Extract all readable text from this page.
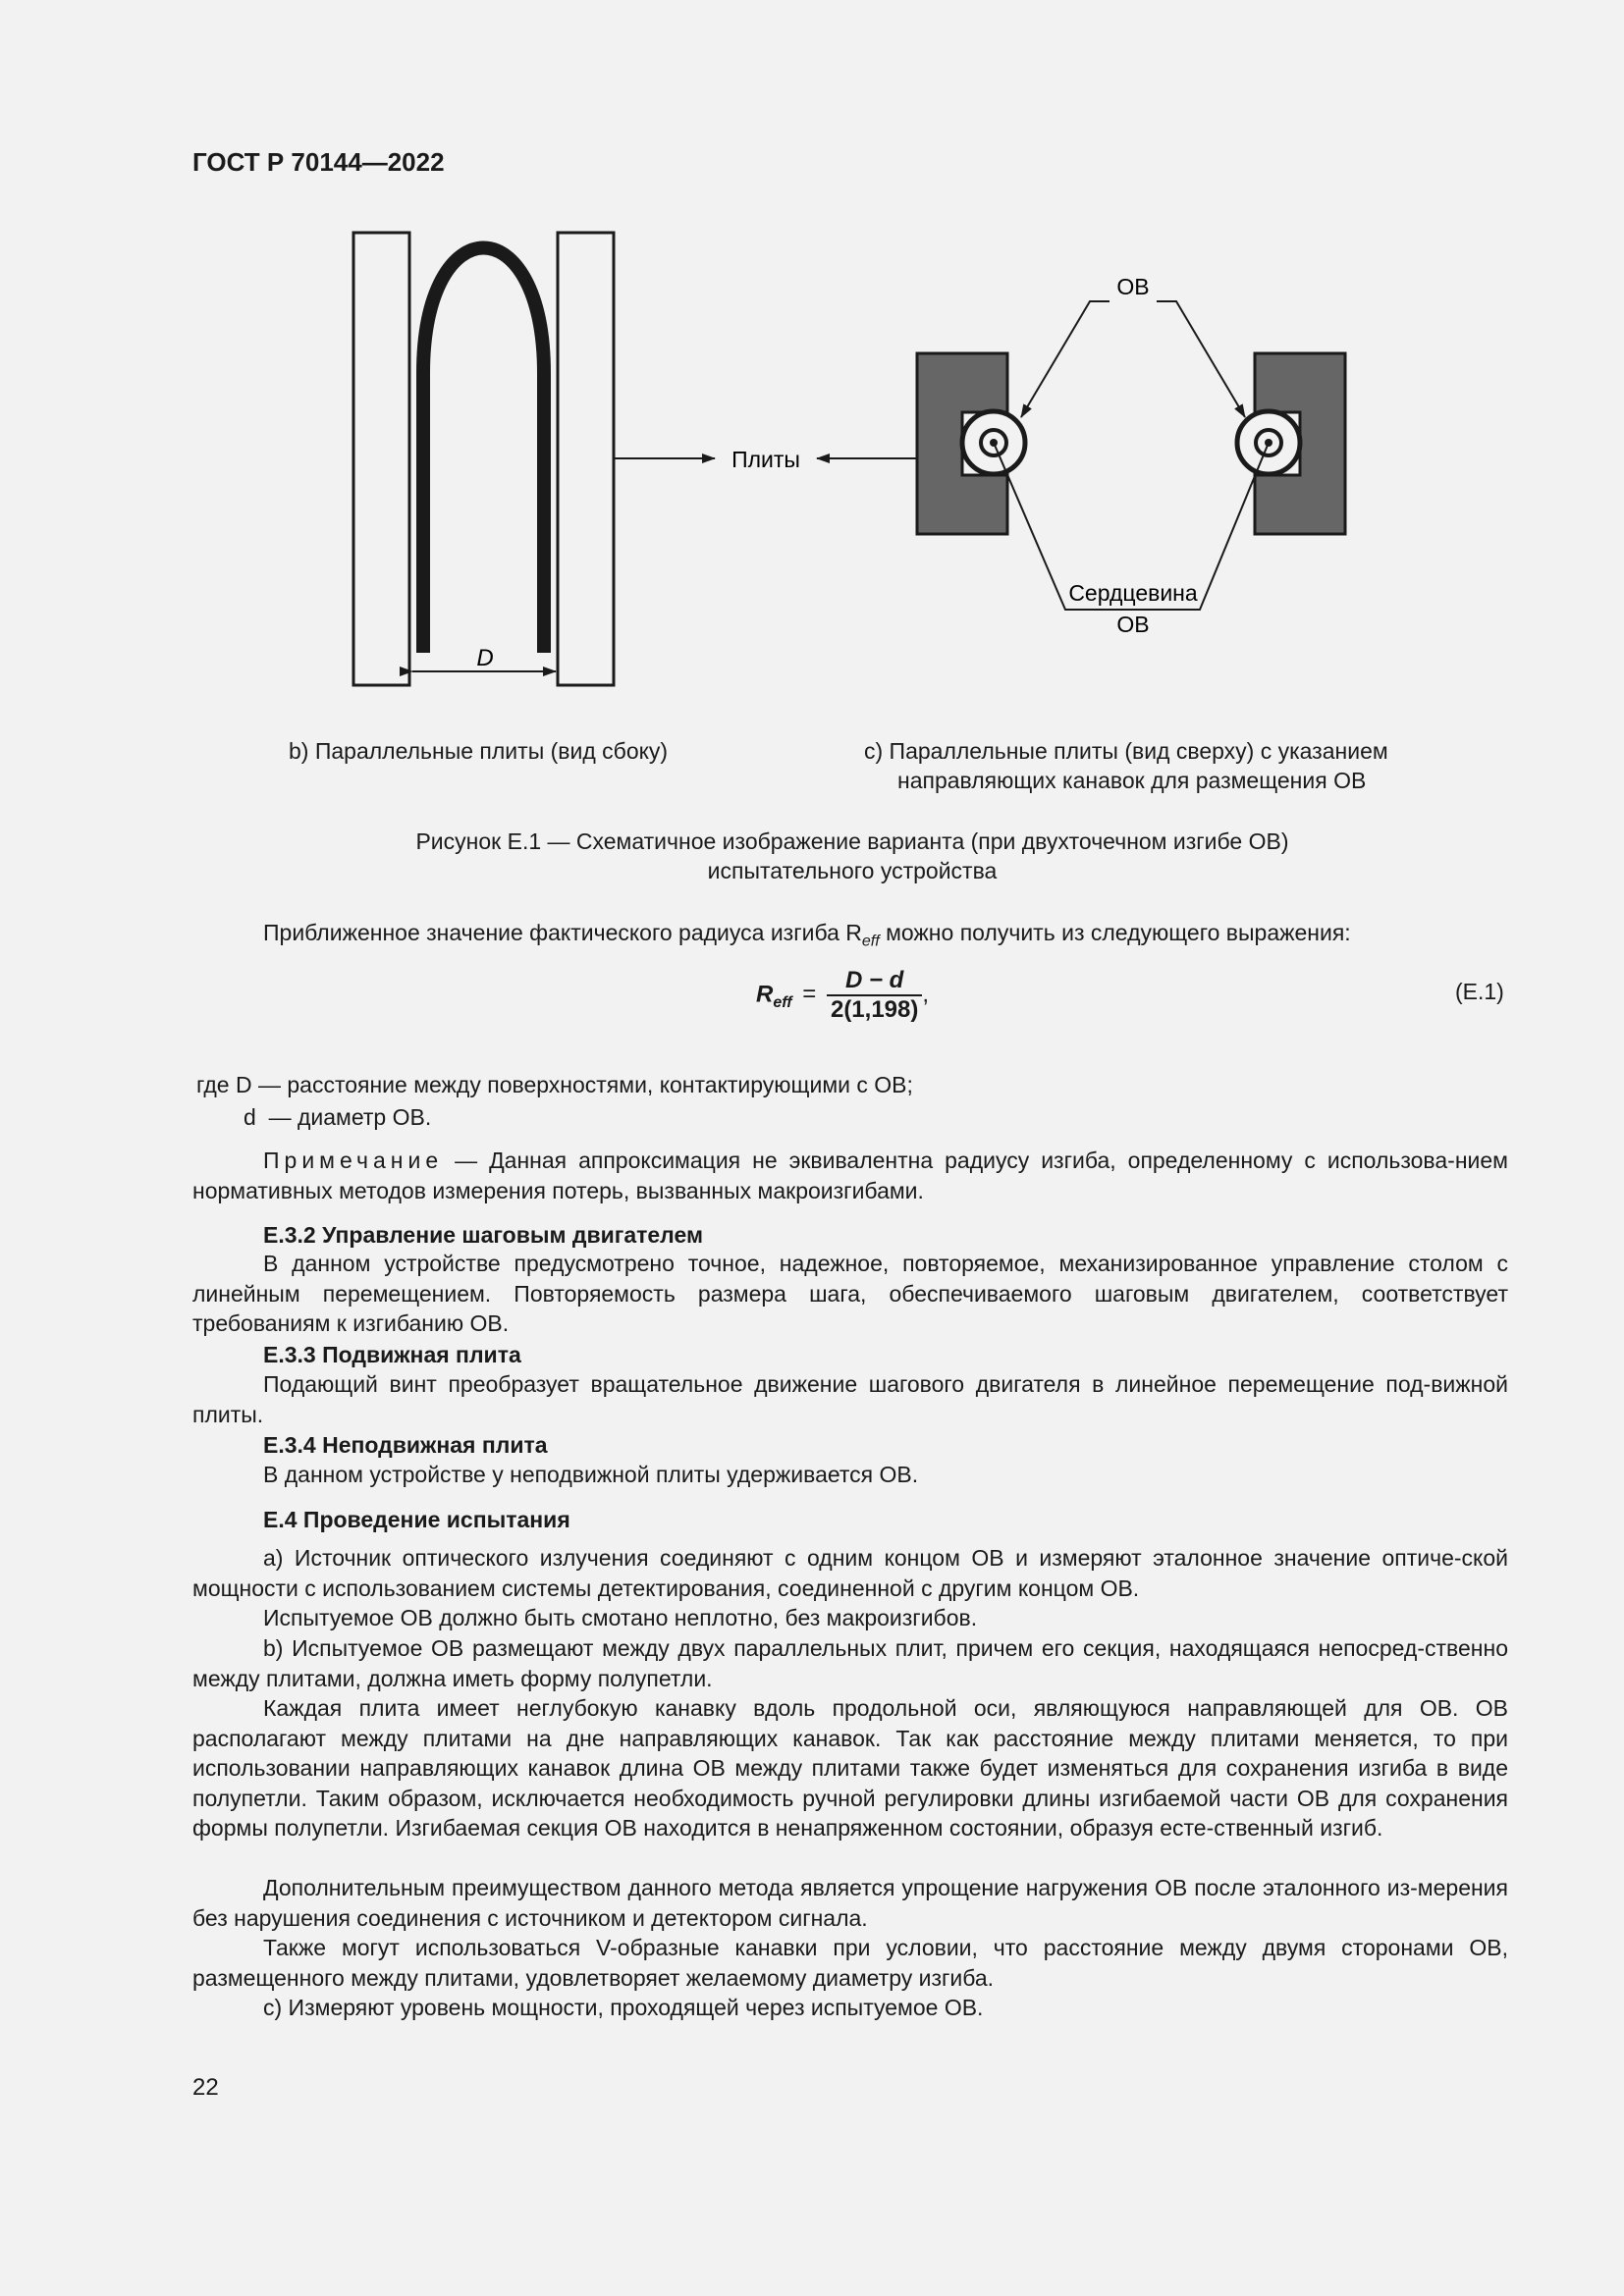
ГОСТ Р 70144—2022
D
Плиты
ОВ
Сердцевина
ОВ
b) Параллельные плиты (вид сбоку)	c) Параллельные плиты (вид сверху) с указанием
направляющих канавок для размещения ОВ
Рисунок Е.1 — Схематичное изображение варианта (при двухточечном изгибе ОВ)
испытательного устройства
Приближенное значение фактического радиуса изгиба $R_{eff}$ можно получить из следующего выражения:
$R_{eff} = \frac{D - d}{2(1,198)}$ ,	(Е.1)
где D — расстояние между поверхностями, контактирующими с ОВ;
d — диаметр ОВ.
Примечание — Данная аппроксимация не эквивалентна радиусу изгиба, определенному с использова-нием нормативных методов измерения потерь, вызванных макроизгибами.
Е.3.2 Управление шаговым двигателем
В данном устройстве предусмотрено точное, надежное, повторяемое, механизированное управление столом с линейным перемещением. Повторяемость размера шага, обеспечиваемого шаговым двигателем, соответствует требованиям к изгибанию ОВ.
Е.3.3 Подвижная плита
Подающий винт преобразует вращательное движение шагового двигателя в линейное перемещение под-вижной плиты.
Е.3.4 Неподвижная плита
В данном устройстве у неподвижной плиты удерживается ОВ.
Е.4 Проведение испытания
a) Источник оптического излучения соединяют с одним концом ОВ и измеряют эталонное значение оптиче-ской мощности с использованием системы детектирования, соединенной с другим концом ОВ.
Испытуемое ОВ должно быть смотано неплотно, без макроизгибов.
b) Испытуемое ОВ размещают между двух параллельных плит, причем его секция, находящаяся непосред-ственно между плитами, должна иметь форму полупетли.
Каждая плита имеет неглубокую канавку вдоль продольной оси, являющуюся направляющей для ОВ. ОВ располагают между плитами на дне направляющих канавок. Так как расстояние между плитами меняется, то при использовании направляющих канавок длина ОВ между плитами также будет изменяться для сохранения изгиба в виде полупетли. Таким образом, исключается необходимость ручной регулировки длины изгибаемой части ОВ для сохранения формы полупетли. Изгибаемая секция ОВ находится в ненапряженном состоянии, образуя есте-ственный изгиб.
Дополнительным преимуществом данного метода является упрощение нагружения ОВ после эталонного из-мерения без нарушения соединения с источником и детектором сигнала.
Также могут использоваться V-образные канавки при условии, что расстояние между двумя сторонами ОВ, размещенного между плитами, удовлетворяет желаемому диаметру изгиба.
c) Измеряют уровень мощности, проходящей через испытуемое ОВ.
22
